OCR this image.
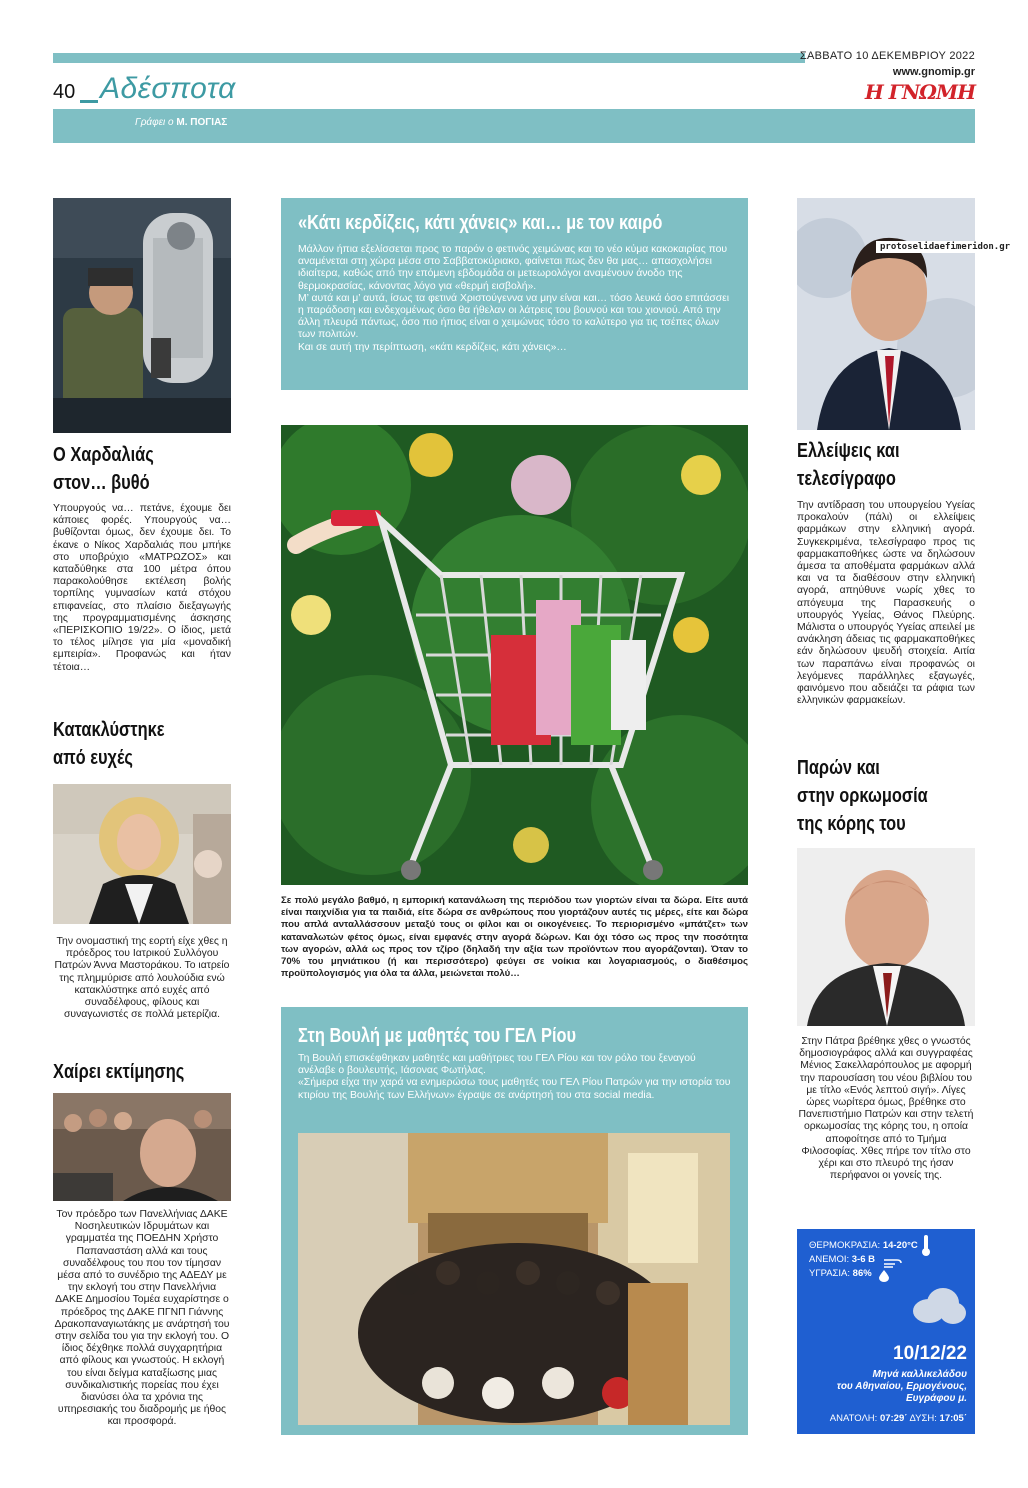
ΣΑΒΒΑΤΟ 10 ΔΕΚΕΜΒΡΙΟΥ 2022
www.gnomip.gr
Η ΓΝΩΜΗ
40 Αδέσποτα
Γράφει ο Μ. ΠΟΓΙΑΣ
Ο Χαρδαλιάς
στον… βυθό
Υπουργούς να… πετάνε, έχουμε δει κάποιες φορές. Υπουργούς να… βυθίζονται όμως, δεν έχουμε δει. Το έκανε ο Νίκος Χαρδαλιάς που μπήκε στο υποβρύχιο «ΜΑΤΡΩΖΟΣ» και καταδύθηκε στα 100 μέτρα όπου παρακολούθησε εκτέλεση βολής τορπίλης γυμνασίων κατά στόχου επιφανείας, στο πλαίσιο διεξαγωγής της προγραμματισμένης άσκησης «ΠΕΡΙΣΚΟΠΙΟ 19/22». Ο ίδιος, μετά το τέλος μίλησε για μία «μοναδική εμπειρία». Προφανώς και ήταν τέτοια…
Κατακλύστηκε
από ευχές
Την ονομαστική της εορτή είχε χθες η πρόεδρος του Ιατρικού Συλλόγου Πατρών Άννα Μαστοράκου. Το ιατρείο της πλημμύρισε από λουλούδια ενώ κατακλύστηκε από ευχές από συναδέλφους, φίλους και συναγωνιστές σε πολλά μετερίζια.
Χαίρει εκτίμησης
Τον πρόεδρο των Πανελλήνιας ΔΑΚΕ Νοσηλευτικών Ιδρυμάτων και γραμματέα της ΠΟΕΔΗΝ Χρήστο Παπαναστάση αλλά και τους συναδέλφους του που τον τίμησαν μέσα από το συνέδριο της ΑΔΕΔΥ με την εκλογή του στην Πανελλήνια ΔΑΚΕ Δημοσίου Τομέα ευχαρίστησε ο πρόεδρος της ΔΑΚΕ ΠΓΝΠ Γιάννης Δρακοπαναγιωτάκης με ανάρτησή του στην σελίδα του για την εκλογή του. Ο ίδιος δέχθηκε πολλά συγχαρητήρια από φίλους και γνωστούς. Η εκλογή του είναι δείγμα καταξίωσης μιας συνδικαλιστικής πορείας που έχει διανύσει όλα τα χρόνια της υπηρεσιακής του διαδρομής με ήθος και προσφορά.
«Κάτι κερδίζεις, κάτι χάνεις» και… με τον καιρό

Μάλλον ήπια εξελίσσεται προς το παρόν ο φετινός χειμώνας και το νέο κύμα κακοκαιρίας που αναμένεται στη χώρα μέσα στο Σαββατοκύριακο, φαίνεται πως δεν θα μας… απασχολήσει ιδιαίτερα, καθώς από την επόμενη εβδομάδα οι μετεωρολόγοι αναμένουν άνοδο της θερμοκρασίας, κάνοντας λόγο για «θερμή εισβολή».

Μ’ αυτά και μ’ αυτά, ίσως τα φετινά Χριστούγεννα να μην είναι και… τόσο λευκά όσο επιτάσσει η παράδοση και ενδεχομένως όσο θα ήθελαν οι λάτρεις του βουνού και του χιονιού. Από την άλλη πλευρά πάντως, όσο πιο ήπιος είναι ο χειμώνας τόσο το καλύτερο για τις τσέπες όλων των πολιτών.

Και σε αυτή την περίπτωση, «κάτι κερδίζεις, κάτι χάνεις»…

Σε πολύ μεγάλο βαθμό, η εμπορική κατανάλωση της περιόδου των γιορτών είναι τα δώρα. Είτε αυτά είναι παιχνίδια για τα παιδιά, είτε δώρα σε ανθρώπους που γιορτάζουν αυτές τις μέρες, είτε και δώρα που απλά ανταλλάσσουν μεταξύ τους οι φίλοι και οι οικογένειες. Το περιορισμένο «μπάτζετ» των καταναλωτών φέτος όμως, είναι εμφανές στην αγορά δώρων. Και όχι τόσο ως προς την ποσότητα των αγορών, αλλά ως προς τον τζίρο (δηλαδή την αξία των προϊόντων που αγοράζονται). Όταν το 70% του μηνιάτικου (ή και περισσότερο) φεύγει σε νοίκια και λογαριασμούς, ο διαθέσιμος προϋπολογισμός για όλα τα άλλα, μειώνεται πολύ…
Στη Βουλή με μαθητές του ΓΕΛ Ρίου

Τη Βουλή επισκέφθηκαν μαθητές και μαθήτριες του ΓΕΛ Ρίου και τον ρόλο του ξεναγού ανέλαβε ο βουλευτής, Ιάσονας Φωτήλας.

«Σήμερα είχα την χαρά να ενημερώσω τους μαθητές του ΓΕΛ Ρίου Πατρών για την ιστορία του κτιρίου της Βουλής των Ελλήνων» έγραψε σε ανάρτησή του στα social media.

protoselidaefimeridon.gr
Ελλείψεις και
τελεσίγραφο
Την αντίδραση του υπουργείου Υγείας προκαλούν (πάλι) οι ελλείψεις φαρμάκων στην ελληνική αγορά. Συγκεκριμένα, τελεσίγραφο προς τις φαρμακαποθήκες ώστε να δηλώσουν άμεσα τα αποθέματα φαρμάκων αλλά και να τα διαθέσουν στην ελληνική αγορά, απηύθυνε νωρίς χθες το απόγευμα της Παρασκευής ο υπουργός Υγείας, Θάνος Πλεύρης. Μάλιστα ο υπουργός Υγείας απειλεί με ανάκληση άδειας τις φαρμακαποθήκες εάν δηλώσουν ψευδή στοιχεία. Αιτία των παραπάνω είναι προφανώς οι λεγόμενες παράλληλες εξαγωγές, φαινόμενο που αδειάζει τα ράφια των ελληνικών φαρμακείων.
Παρών και
στην ορκωμοσία
της κόρης του
Στην Πάτρα βρέθηκε χθες ο γνωστός δημοσιογράφος αλλά και συγγραφέας Μένιος Σακελλαρόπουλος με αφορμή την παρουσίαση του νέου βιβλίου του με τίτλο «Ενός λεπτού σιγή». Λίγες ώρες νωρίτερα όμως, βρέθηκε στο Πανεπιστήμιο Πατρών και στην τελετή ορκωμοσίας της κόρης του, η οποία αποφοίτησε από το Τμήμα Φιλοσοφίας. Χθες πήρε τον τίτλο στο χέρι και στο πλευρό της ήσαν περήφανοι οι γονείς της.
ΘΕΡΜΟΚΡΑΣΙΑ: 14-20°C
ΑΝΕΜΟΙ: 3-6 Β
ΥΓΡΑΣΙΑ: 86%
10/12/22
Μηνά καλλικελάδου
του Αθηναίου, Ερμογένους,
Ευγράφου μ.
ΑΝΑΤΟΛΗ: 07:29΄ ΔΥΣΗ: 17:05΄
